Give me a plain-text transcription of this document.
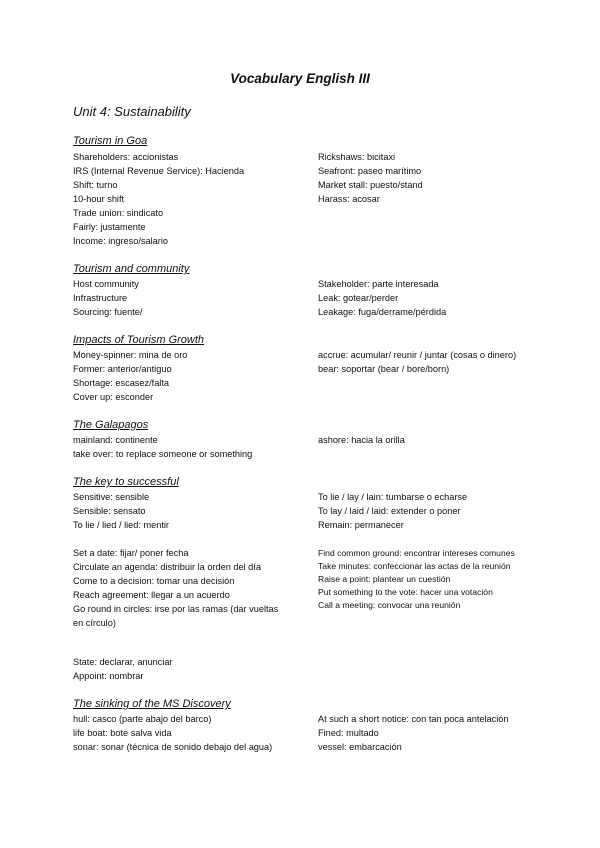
Vocabulary English III
Unit 4: Sustainability
Tourism in Goa
Shareholders: accionistas
IRS (Internal Revenue Service): Hacienda
Shift: turno
10-hour shift
Trade union: sindicato
Fairly: justamente
Income: ingreso/salario
Rickshaws: bicitaxi
Seafront: paseo marítimo
Market stall: puesto/stand
Harass: acosar
Tourism and community
Host community
Infrastructure
Sourcing: fuente/
Stakeholder: parte interesada
Leak: gotear/perder
Leakage: fuga/derrame/pérdida
Impacts of Tourism Growth
Money-spinner: mina de oro
Former: anterior/antiguo
Shortage: escasez/falta
Cover up: esconder
accrue: acumular/ reunir / juntar (cosas o dinero)
bear: soportar (bear / bore/born)
The Galapagos
mainland: continente
take over: to replace someone or something
ashore: hacia la orilla
The key to successful
Sensitive: sensible
Sensible: sensato
To lie / lied / lied: mentir
To lie / lay / lain: tumbarse o echarse
To lay / laid / laid: extender o poner
Remain: permanecer
Set a date: fijar/ poner fecha
Circulate an agenda: distribuir la orden del día
Come to a decision: tomar una decisión
Reach agreement: llegar a un acuerdo
Go round in circles: irse por las ramas (dar vueltas en círculo)
Find common ground: encontrar intereses comunes
Take minutes: confeccionar las actas de la reunión
Raise a point: plantear un cuestión
Put something to the vote: hacer una votación
Call a meeting: convocar una reunión
State: declarar, anunciar
Appoint: nombrar
The sinking of the MS Discovery
hull: casco (parte abajo del barco)
life boat: bote salva vida
sonar: sonar (técnica de sonido debajo del agua)
At such a short notice: con tan poca antelación
Fined: multado
vessel: embarcación
